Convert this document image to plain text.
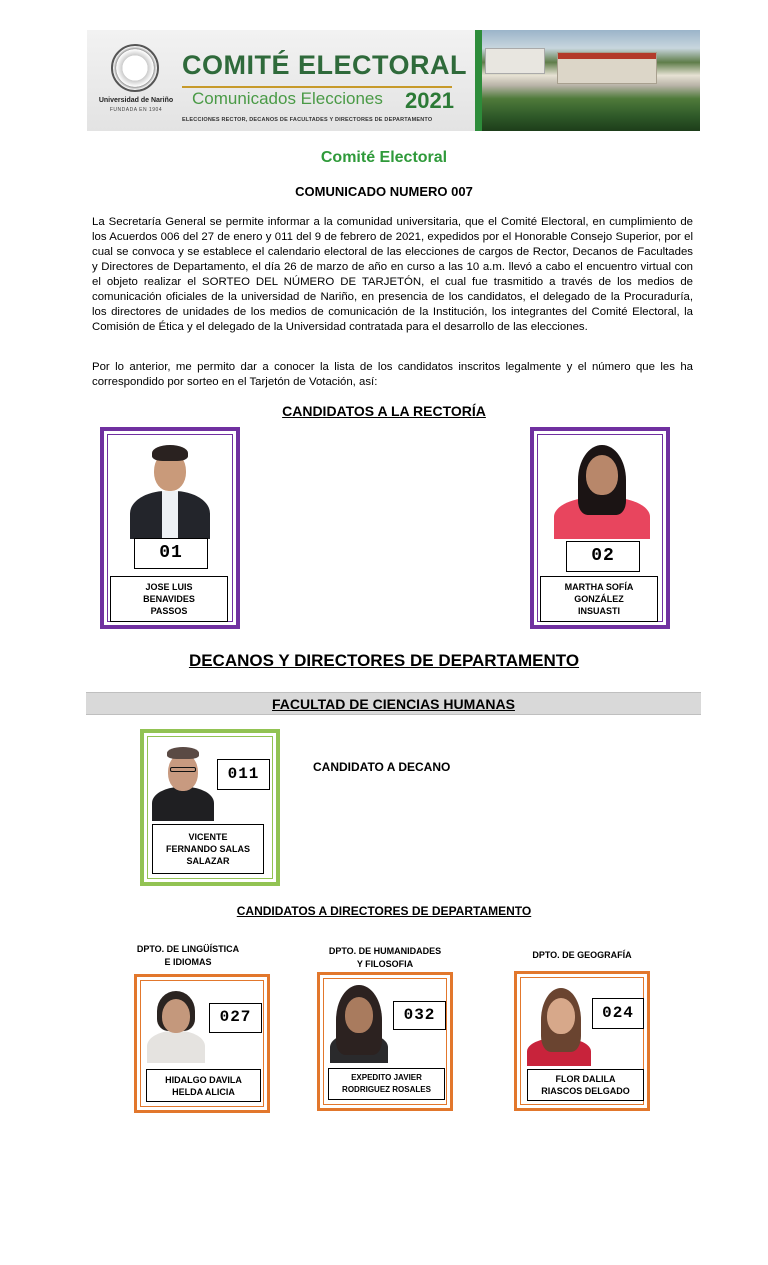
Universidad de Nariño
FUNDADA EN 1904
COMITÉ ELECTORAL
Comunicados Elecciones 2021
ELECCIONES RECTOR, DECANOS DE FACULTADES Y DIRECTORES DE DEPARTAMENTO
Comité Electoral
COMUNICADO NUMERO 007

La Secretaría General se permite informar a la comunidad universitaria, que el Comité Electoral, en cumplimiento de los Acuerdos 006 del 27 de enero y 011 del 9 de febrero de 2021, expedidos por el Honorable Consejo Superior, por el cual se convoca y se establece el calendario electoral de las elecciones de cargos de Rector, Decanos de Facultades y Directores de Departamento, el día 26 de marzo de año en curso a las 10 a.m. llevó a cabo el encuentro virtual con el objeto realizar el SORTEO DEL NÚMERO DE TARJETÓN, el cual fue trasmitido a través de los medios de comunicación oficiales de la universidad de Nariño, en presencia de los candidatos, el delegado de la Procuraduría, los directores de unidades de los medios de comunicación de la Institución, los integrantes del Comité Electoral, la Comisión de Ética y el delegado de la Universidad contratada para el desarrollo de las elecciones.

Por lo anterior, me permito dar a conocer la lista de los candidatos inscritos legalmente y el número que les ha correspondido por sorteo en el Tarjetón de Votación, así:

CANDIDATOS A LA RECTORÍA
01
JOSE LUIS
BENAVIDES
PASSOS
02
MARTHA SOFÍA
GONZÁLEZ
INSUASTI
DECANOS Y DIRECTORES DE DEPARTAMENTO
FACULTAD DE CIENCIAS HUMANAS
011
VICENTE
FERNANDO SALAS
SALAZAR
CANDIDATO A DECANO
CANDIDATOS A DIRECTORES DE DEPARTAMENTO
DPTO. DE LINGÜÍSTICA
E IDIOMAS
DPTO. DE HUMANIDADES
Y FILOSOFIA
DPTO. DE GEOGRAFÍA
027
HIDALGO DAVILA
HELDA ALICIA
032
EXPEDITO JAVIER
RODRIGUEZ ROSALES
024
FLOR DALILA
RIASCOS DELGADO
